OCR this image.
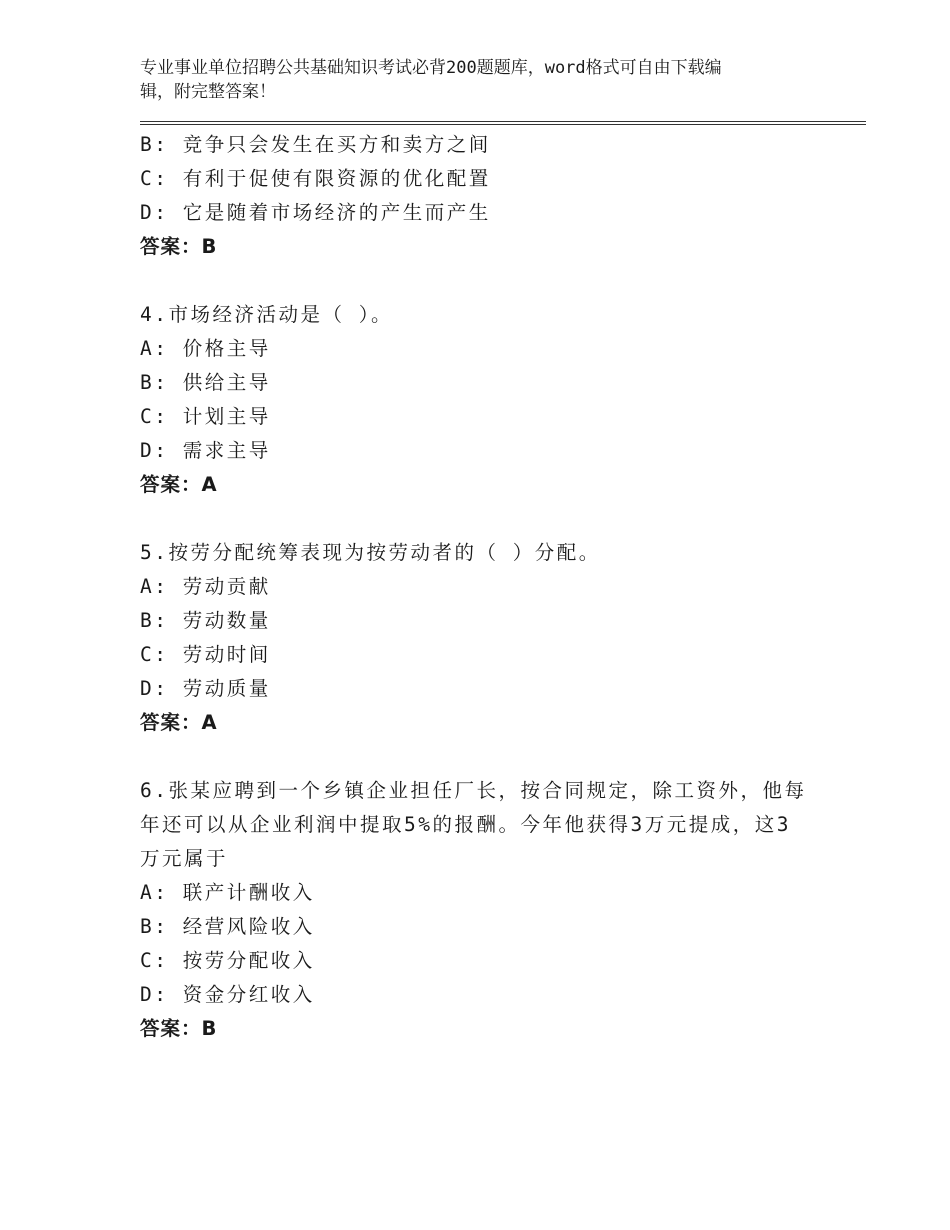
专业事业单位招聘公共基础知识考试必背200题题库，word格式可自由下载编
辑，附完整答案！
B: 竞争只会发生在买方和卖方之间
C: 有利于促使有限资源的优化配置
D: 它是随着市场经济的产生而产生
答案：B
4.市场经济活动是（ ）。
A: 价格主导
B: 供给主导
C: 计划主导
D: 需求主导
答案：A
5.按劳分配统筹表现为按劳动者的（ ）分配。
A: 劳动贡献
B: 劳动数量
C: 劳动时间
D: 劳动质量
答案：A
6.张某应聘到一个乡镇企业担任厂长，按合同规定，除工资外，他每
年还可以从企业利润中提取5%的报酬。今年他获得3万元提成，这3
万元属于
A: 联产计酬收入
B: 经营风险收入
C: 按劳分配收入
D: 资金分红收入
答案：B
